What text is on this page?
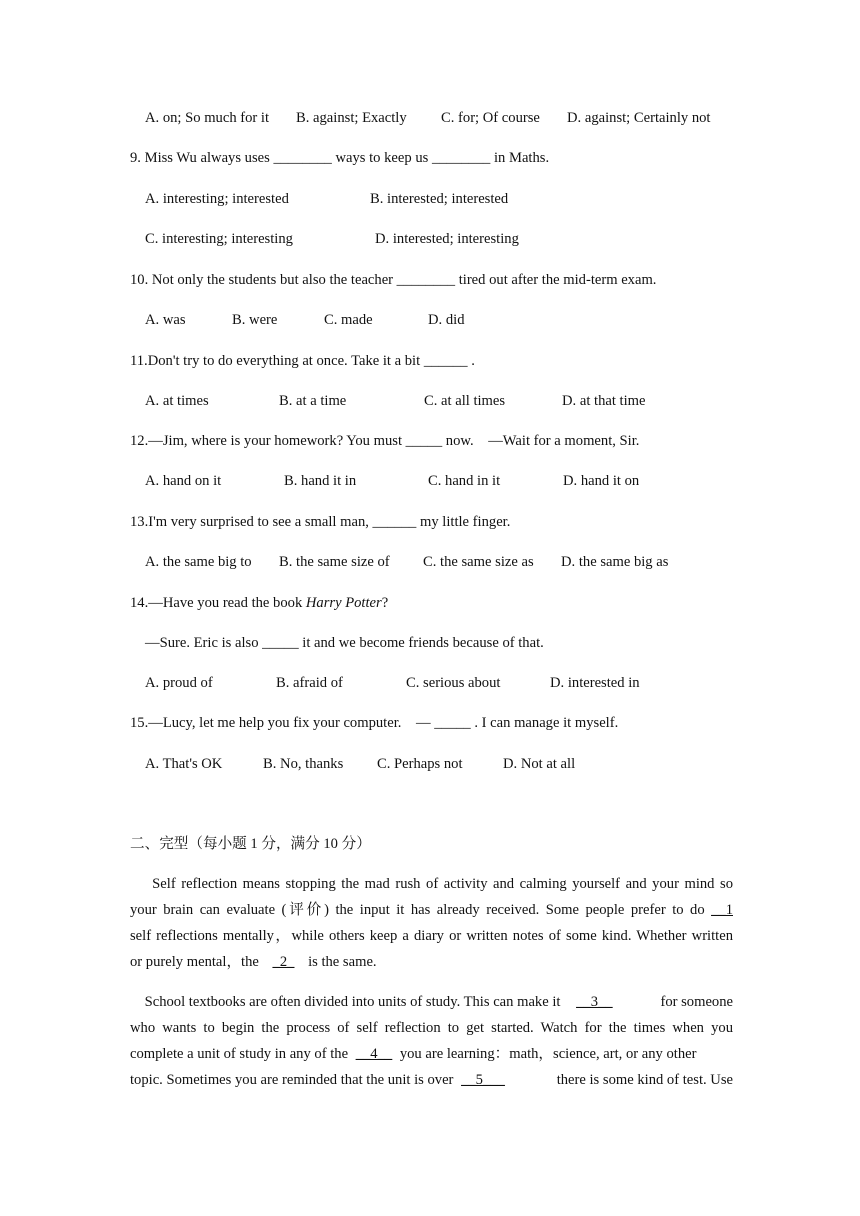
A. on; So much for it B. against; Exactly C. for; Of course D. against; Certainly not
9. Miss Wu always uses ________ ways to keep us ________ in Maths.
A. interesting; interested	B. interested; interested
C. interesting; interesting	D. interested; interesting
10. Not only the students but also the teacher ________ tired out after the mid-term exam.
A. was	B. were	C. made	D. did
11.Don't try to do everything at once. Take it a bit ______ .
A. at times	B. at a time	C. at all times	D. at that time
12.—Jim, where is your homework? You must _____ now.    —Wait for a moment, Sir.
A. hand on it	B. hand it in	C. hand in it	D. hand it on
13.I'm very surprised to see a small man, ______ my little finger.
A. the same big to B. the same size of C. the same size as D. the same big as
14.—Have you read the book Harry Potter?
—Sure. Eric is also _____ it and we become friends because of that.
A. proud of	B. afraid of	C. serious about	D. interested in
15.—Lucy, let me help you fix your computer.    — _____ . I can manage it myself.
A. That's OK	B. No, thanks C. Perhaps not	D. Not at all
二、完型（每小题 1 分，满分 10 分）
Self reflection means stopping the mad rush of activity and calming yourself and your mind so
your brain can evaluate (评价) the input it has already received. Some people prefer to do __1
self reflections mentally，while others keep a diary or written notes of some kind. Whether written
or purely mental，the _2_ is the same.
School textbooks are often divided into units of study. This can make it __3__	for someone
who wants to begin the process of self reflection to get started. Watch for the times when you
complete a unit of study in any of the __4__ you are learning：math，science, art, or any other
topic. Sometimes you are reminded that the unit is over __5___	there is some kind of test. Use
